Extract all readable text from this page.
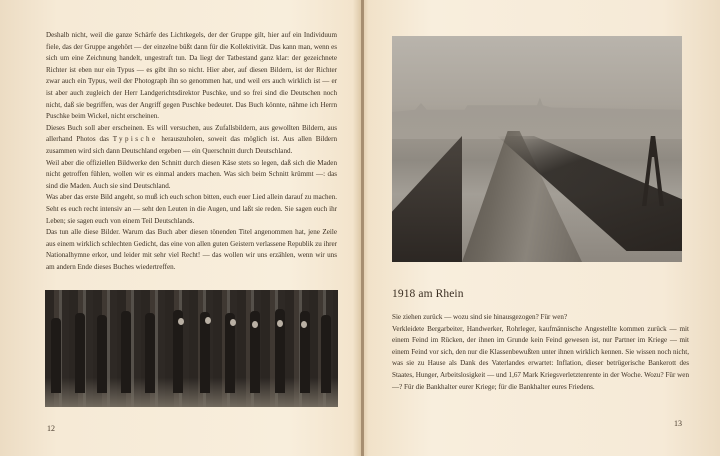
Deshalb nicht, weil die ganze Schärfe des Lichtkegels, der der Gruppe gilt, hier auf ein Individuum fiele, das der Gruppe angehört — der einzelne büßt dann für die Kollektivität. Das kann man, wenn es sich um eine Zeichnung handelt, ungestraft tun. Da liegt der Tatbestand ganz klar: der gezeichnete Richter ist eben nur ein Typus — es gibt ihn so nicht. Hier aber, auf diesen Bildern, ist der Richter zwar auch ein Typus, weil der Photograph ihn so genommen hat, und weil ers auch wirklich ist — er ist aber auch zugleich der Herr Landgerichtsdirektor Puschke, und so frei sind die Deutschen noch nicht, daß sie begriffen, was der Angriff gegen Puschke bedeutet. Das Buch könnte, nähme ich Herrn Puschke beim Wickel, nicht erscheinen.

Dieses Buch soll aber erscheinen. Es will versuchen, aus Zufallsbildern, aus gewollten Bildern, aus allerhand Photos das Typische herauszuholen, soweit das möglich ist. Aus allen Bildern zusammen wird sich dann Deutschland ergeben — ein Querschnitt durch Deutschland.

Weil aber die offiziellen Bildwerke den Schnitt durch diesen Käse stets so legen, daß sich die Maden nicht getroffen fühlen, wollen wir es einmal anders machen. Was sich beim Schnitt krümmt —: das sind die Maden. Auch sie sind Deutschland.

Was aber das erste Bild angeht, so muß ich euch schon bitten, euch euer Lied allein darauf zu machen. Seht es euch recht intensiv an — seht den Leuten in die Augen, und laßt sie reden. Sie sagen euch ihr Leben; sie sagen euch von einem Teil Deutschlands.

Das tun alle diese Bilder. Warum das Buch aber diesen tönenden Titel angenommen hat, jene Zeile aus einem wirklich schlechten Gedicht, das eine von allen guten Geistern verlassene Republik zu ihrer Nationalhymne erkor, und leider mit sehr viel Recht! — das wollen wir uns erzählen, wenn wir uns am andern Ende dieses Buches wiedertreffen.

12

Sie ziehen zurück — wozu sind sie hinausgezogen? Für wen?

Verkleidete Bergarbeiter, Handwerker, Rohrleger, kaufmännische Angestellte kommen zurück — mit einem Feind im Rücken, der ihnen im Grunde kein Feind gewesen ist, nur Partner im Kriege — mit einem Feind vor sich, den nur die Klassenbewußten unter ihnen wirklich kennen. Sie wissen noch nicht, was sie zu Hause als Dank des Vaterlandes erwartet: Inflation, dieser betrügerische Bankerott des Staates, Hunger, Arbeitslosigkeit — und 1,67 Mark Kriegsverletztenrente in der Woche. Wozu? Für wen —? Für die Bankhalter eurer Kriege; für die Bankhalter eures Friedens.

13
1918 am Rhein
